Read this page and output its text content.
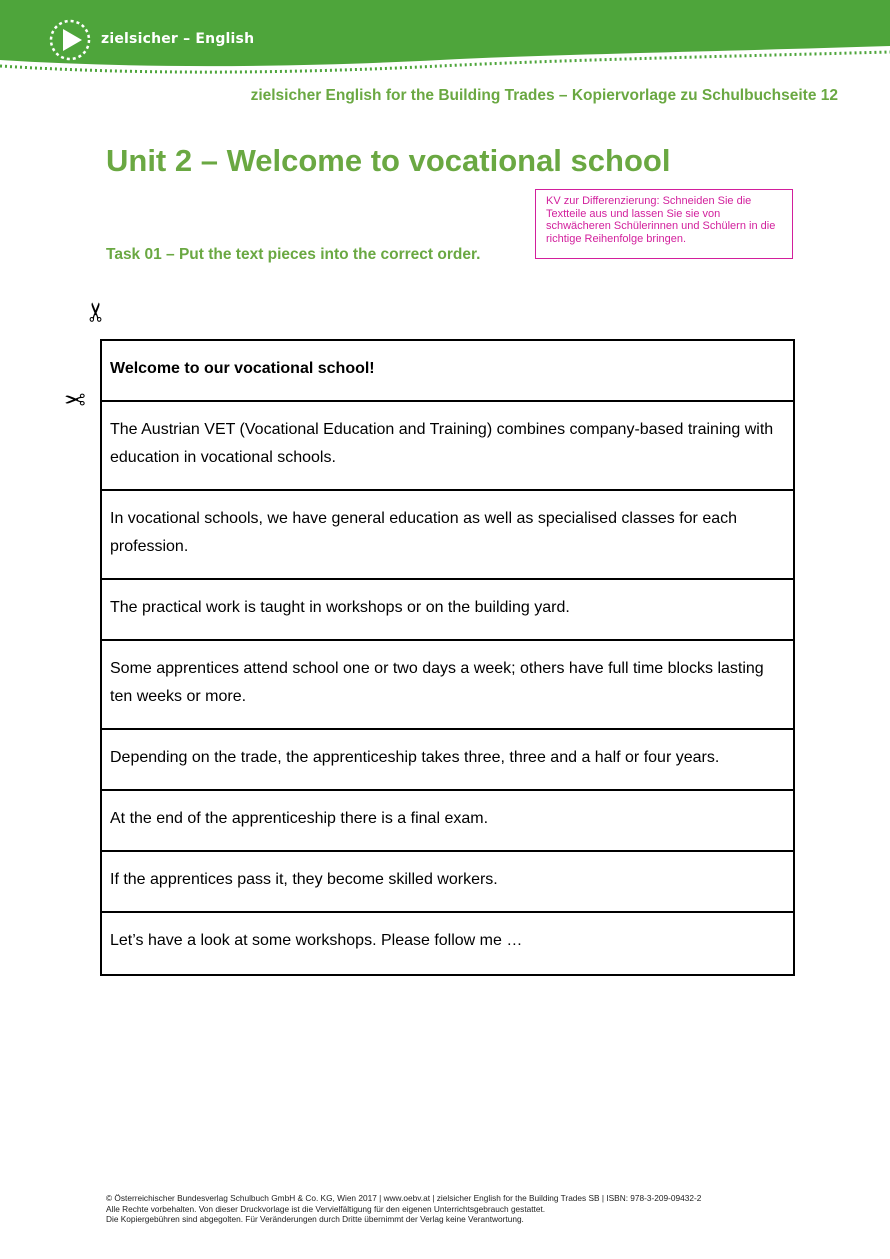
zielsicher – English
zielsicher English for the Building Trades – Kopiervorlage zu Schulbuchseite 12
Unit 2 – Welcome to vocational school
KV zur Differenzierung: Schneiden Sie die Textteile aus und lassen Sie sie von schwächeren Schülerinnen und Schülern in die richtige Reihenfolge bringen.
Task 01 – Put the text pieces into the correct order.
✂
✂
Welcome to our vocational school!
The Austrian VET (Vocational Education and Training) combines company-based training with education in vocational schools.
In vocational schools, we have general education as well as specialised classes for each profession.
The practical work is taught in workshops or on the building yard.
Some apprentices attend school one or two days a week; others have full time blocks lasting ten weeks or more.
Depending on the trade, the apprenticeship takes three, three and a half or four years.
At the end of the apprenticeship there is a final exam.
If the apprentices pass it, they become skilled workers.
Let’s have a look at some workshops. Please follow me …
© Österreichischer Bundesverlag Schulbuch GmbH & Co. KG, Wien 2017 | www.oebv.at | zielsicher English for the Building Trades SB | ISBN: 978-3-209-09432-2
Alle Rechte vorbehalten. Von dieser Druckvorlage ist die Vervielfältigung für den eigenen Unterrichtsgebrauch gestattet.
Die Kopiergebühren sind abgegolten. Für Veränderungen durch Dritte übernimmt der Verlag keine Verantwortung.
